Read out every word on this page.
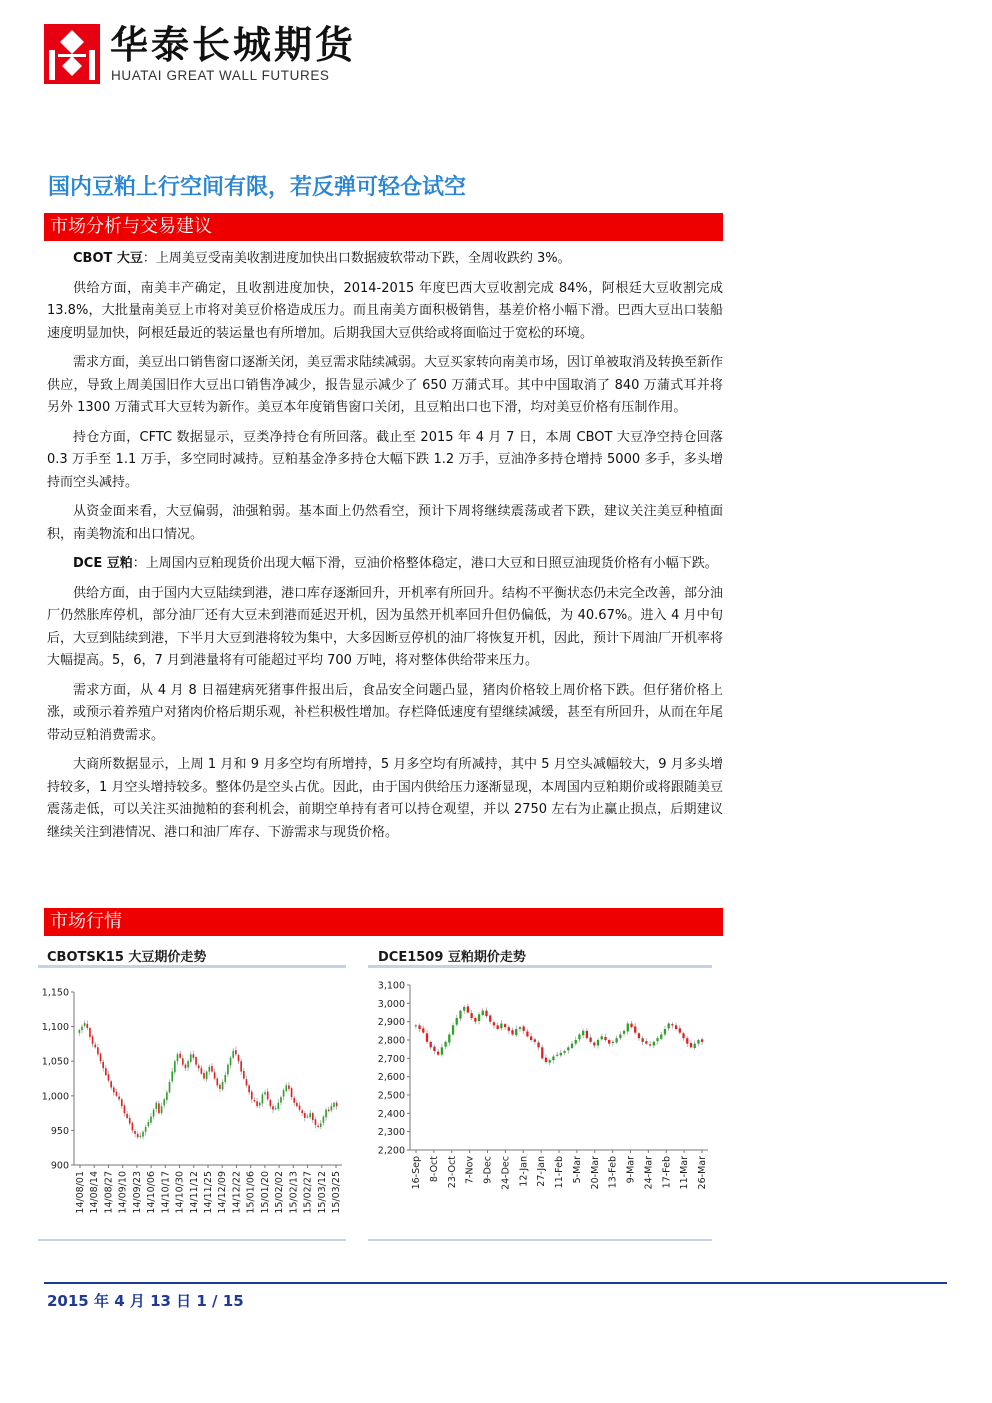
华泰长城期货
HUATAI GREAT WALL FUTURES
国内豆粕上行空间有限，若反弹可轻仓试空
市场分析与交易建议

CBOT 大豆：上周美豆受南美收割进度加快出口数据疲软带动下跌，全周收跌约 3%。

供给方面，南美丰产确定，且收割进度加快，2014-2015 年度巴西大豆收割完成 84%，阿根廷大豆收割完成 13.8%，大批量南美豆上市将对美豆价格造成压力。而且南美方面积极销售，基差价格小幅下滑。巴西大豆出口装船速度明显加快，阿根廷最近的装运量也有所增加。后期我国大豆供给或将面临过于宽松的环境。

需求方面，美豆出口销售窗口逐渐关闭，美豆需求陆续减弱。大豆买家转向南美市场，因订单被取消及转换至新作供应，导致上周美国旧作大豆出口销售净减少，报告显示减少了 650 万蒲式耳。其中中国取消了 840 万蒲式耳并将另外 1300 万蒲式耳大豆转为新作。美豆本年度销售窗口关闭，且豆粕出口也下滑，均对美豆价格有压制作用。

持仓方面，CFTC 数据显示，豆类净持仓有所回落。截止至 2015 年 4 月 7 日，本周 CBOT 大豆净空持仓回落 0.3 万手至 1.1 万手，多空同时减持。豆粕基金净多持仓大幅下跌 1.2 万手，豆油净多持仓增持 5000 多手，多头增持而空头减持。

从资金面来看，大豆偏弱，油强粕弱。基本面上仍然看空，预计下周将继续震荡或者下跌，建议关注美豆种植面积，南美物流和出口情况。

DCE 豆粕：上周国内豆粕现货价出现大幅下滑，豆油价格整体稳定，港口大豆和日照豆油现货价格有小幅下跌。

供给方面，由于国内大豆陆续到港，港口库存逐渐回升，开机率有所回升。结构不平衡状态仍未完全改善，部分油厂仍然胀库停机，部分油厂还有大豆未到港而延迟开机，因为虽然开机率回升但仍偏低，为 40.67%。进入 4 月中旬后，大豆到陆续到港，下半月大豆到港将较为集中，大多因断豆停机的油厂将恢复开机，因此，预计下周油厂开机率将大幅提高。5，6，7 月到港量将有可能超过平均 700 万吨，将对整体供给带来压力。

需求方面，从 4 月 8 日福建病死猪事件报出后，食品安全问题凸显，猪肉价格较上周价格下跌。但仔猪价格上涨，或预示着养殖户对猪肉价格后期乐观，补栏积极性增加。存栏降低速度有望继续减缓，甚至有所回升，从而在年尾带动豆粕消费需求。

大商所数据显示，上周 1 月和 9 月多空均有所增持，5 月多空均有所减持，其中 5 月空头减幅较大，9 月多头增持较多，1 月空头增持较多。整体仍是空头占优。因此，由于国内供给压力逐渐显现，本周国内豆粕期价或将跟随美豆震荡走低，可以关注买油抛粕的套利机会，前期空单持有者可以持仓观望，并以 2750 左右为止赢止损点，后期建议继续关注到港情况、港口和油厂库存、下游需求与现货价格。

市场行情
CBOTSK15 大豆期价走势
1,150
1,100
1,050
1,000
950
900
14/08/01 14/08/14 14/08/27 14/09/10 14/09/23 14/10/06 14/10/17 14/10/30 14/11/12 14/11/25 14/12/09 14/12/22 15/01/06 15/01/20 15/02/02 15/02/13 15/02/27 15/03/12 15/03/25
DCE1509 豆粕期价走势
3,100
3,000
2,900
2,800
2,700
2,600
2,500
2,400
2,300
2,200
16-Sep 8-Oct 23-Oct 7-Nov 9-Dec 24-Dec 12-Jan 27-Jan 11-Feb 5-Mar 20-Mar 13-Feb 9-Mar 24-Mar 17-Feb 11-Mar 26-Mar
2015 年 4 月 13 日 1 / 15
